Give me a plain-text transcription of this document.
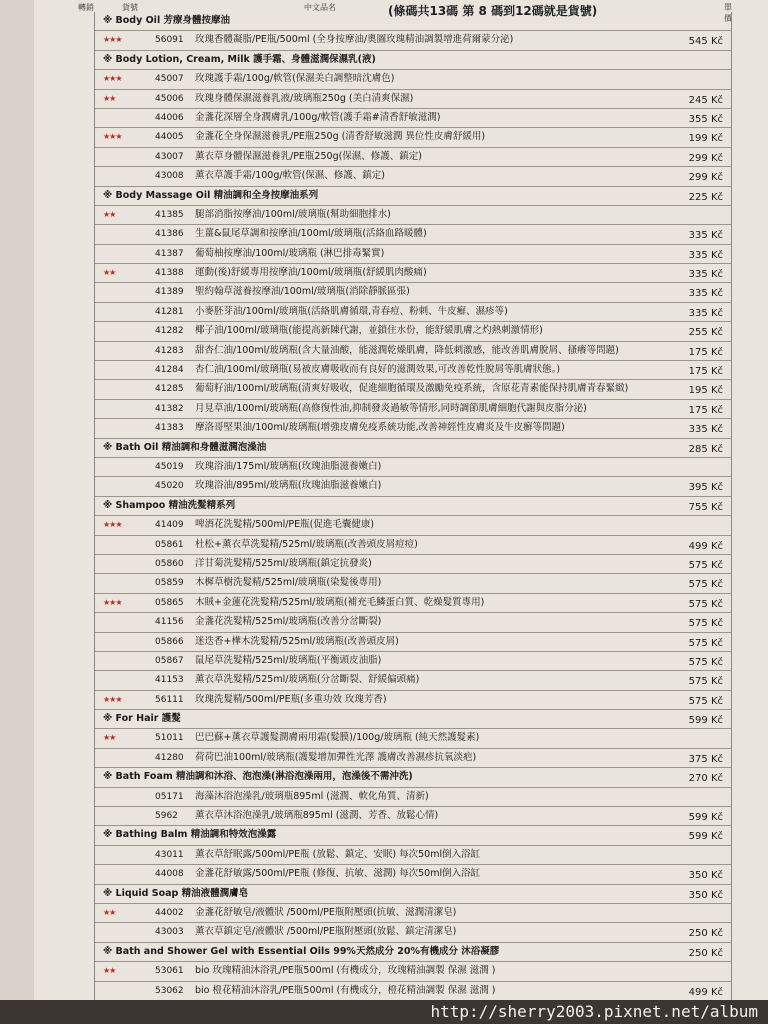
轉銷	貨號	中文品名	(條碼共13碼 第 8 碼到12碼就是貨號)	單價
※ Body Oil 芳療身體按摩油
★★★	56091 玫瑰香體凝脂/PE瓶/500ml (全身按摩油/奧圖玫瑰精油調製增進荷爾蒙分泌)	545 Kč
※ Body Lotion, Cream, Milk 護手霜、身體滋潤保濕乳(液)
★★★	45007 玫瑰護手霜/100g/軟管(保濕美白調整暗沈膚色)
★★	45006 玫瑰身體保濕滋養乳液/玻璃瓶250g (美白清爽保濕)	245 Kč
44006 金盞花深層全身潤膚乳/100g/軟管(護手霜#清香舒敏滋潤)	355 Kč
★★★	44005 金盞花全身保濕滋養乳/PE瓶250g (清香舒敏滋潤 異位性皮膚舒緩用)	199 Kč
43007 薰衣草身體保濕滋養乳/PE瓶250g(保濕、修護、鎮定)	299 Kč
43008 薰衣草護手霜/100g/軟管(保濕、修護、鎮定)	299 Kč
※ Body Massage Oil 精油調和全身按摩油系列	225 Kč
★★	41385 腿部消脂按摩油/100ml/玻璃瓶(幫助細胞排水)
41386 生薑&鼠尾草調和按摩油/100ml/玻璃瓶(活絡血路暖體)	335 Kč
41387 葡萄柚按摩油/100ml/玻璃瓶 (淋巴排毒緊實)	335 Kč
★★	41388 運動(後)舒緩專用按摩油/100ml/玻璃瓶(舒緩肌肉酸痛)	335 Kč
41389 聖約翰草滋養按摩油/100ml/玻璃瓶(消除靜脈區張)	335 Kč
41281 小麥胚芽油/100ml/玻璃瓶(活絡肌膚循環,青春痘、粉刺、牛皮癬、濕疹等)	335 Kč
41282 椰子油/100ml/玻璃瓶(能提高新陳代謝，並鎖住水份，能舒緩肌膚之灼熱刺激情形)	255 Kč
41283 甜杏仁油/100ml/玻璃瓶(含大量油酸，能滋潤乾燥肌膚，降低刺激感，能改善肌膚脫屑、搔癢等問題)	175 Kč
41284 杏仁油/100ml/玻璃瓶(易被皮膚吸收而有良好的滋潤效果,可改善乾性脫屑等肌膚狀態。)	175 Kč
41285 葡萄籽油/100ml/玻璃瓶(清爽好吸收，促進細胞循環及激勵免疫系統，含原花青素能保持肌膚青春緊緻)	195 Kč
41382 月見草油/100ml/玻璃瓶(高修復性油,抑制發炎過敏等情形,同時調節肌膚細胞代謝與皮脂分泌)	175 Kč
41383 摩洛哥堅果油/100ml/玻璃瓶(增強皮膚免疫系統功能,改善神經性皮膚炎及牛皮癬等問題)	335 Kč
※ Bath Oil 精油調和身體滋潤泡澡油	285 Kč
45019 玫瑰浴油/175ml/玻璃瓶(玫瑰油脂滋養嫩白)
45020 玫瑰浴油/895ml/玻璃瓶(玫瑰油脂滋養嫩白)	395 Kč
※ Shampoo 精油洗髮精系列	755 Kč
★★★	41409 啤酒花洗髮精/500ml/PE瓶(促進毛囊健康)
05861 杜松+薰衣草洗髮精/525ml/玻璃瓶(改善頭皮屑痘痘)	499 Kč
05860 洋甘菊洗髮精/525ml/玻璃瓶(鎮定抗發炎)	575 Kč
05859 木樨草樹洗髮精/525ml/玻璃瓶(染髮後專用)	575 Kč
★★★	05865 木賊+金蓮花洗髮精/525ml/玻璃瓶(補充毛鱗蛋白質、乾燥髮質專用)	575 Kč
41156 金盞花洗髮精/525ml/玻璃瓶(改善分岔斷裂)	575 Kč
05866 迷迭香+樺木洗髮精/525ml/玻璃瓶(改善頭皮屑)	575 Kč
05867 鼠尾草洗髮精/525ml/玻璃瓶(平衡頭皮油脂)	575 Kč
41153 薰衣草洗髮精/525ml/玻璃瓶(分岔斷裂、舒緩偏頭痛)	575 Kč
★★★	56111 玫瑰洗髮精/500ml/PE瓶(多重功效 玫瑰芳香)	575 Kč
※ For Hair 護髮	599 Kč
★★	51011 巴巴蘇+薰衣草護髮潤膚兩用霜(髮膜)/100g/玻璃瓶 (純天然護髮素)
41280 荷荷巴油100ml/玻璃瓶(護髮增加彈性光澤 護膚改善濕疹抗氧淡疤)	375 Kč
※ Bath Foam 精油調和沐浴、泡泡澡(淋浴泡澡兩用，泡澡後不需沖洗)	270 Kč
05171 海藻沐浴泡澡乳/玻璃瓶895ml (滋潤、軟化角質、清新)
5962 薰衣草沐浴泡澡乳/玻璃瓶895ml (滋潤、芳香、放鬆心情)	599 Kč
※ Bathing Balm 精油調和特效泡澡露	599 Kč
43011 薰衣草舒眠露/500ml/PE瓶 (放鬆、鎮定、安眠) 每次50ml倒入浴缸
44008 金盞花舒敏露/500ml/PE瓶 (修復、抗敏、滋潤) 每次50ml倒入浴缸	350 Kč
※ Liquid Soap 精油液體潤膚皂	350 Kč
★★	44002 金盞花舒敏皂/液體狀 /500ml/PE瓶附壓頭(抗敏、滋潤清潔皂)
43003 薰衣草鎮定皂/液體狀 /500ml/PE瓶附壓頭(放鬆、鎮定清潔皂)	250 Kč
※ Bath and Shower Gel with Essential Oils 99%天然成分 20%有機成分 沐浴凝膠	250 Kč
★★	53061 bio 玫瑰精油沐浴乳/PE瓶500ml (有機成分，玫瑰精油調製 保濕 滋潤 )
53062 bio 橙花精油沐浴乳/PE瓶500ml (有機成分，橙花精油調製 保濕 滋潤 )	499 Kč
http://sherry2003.pixnet.net/album
